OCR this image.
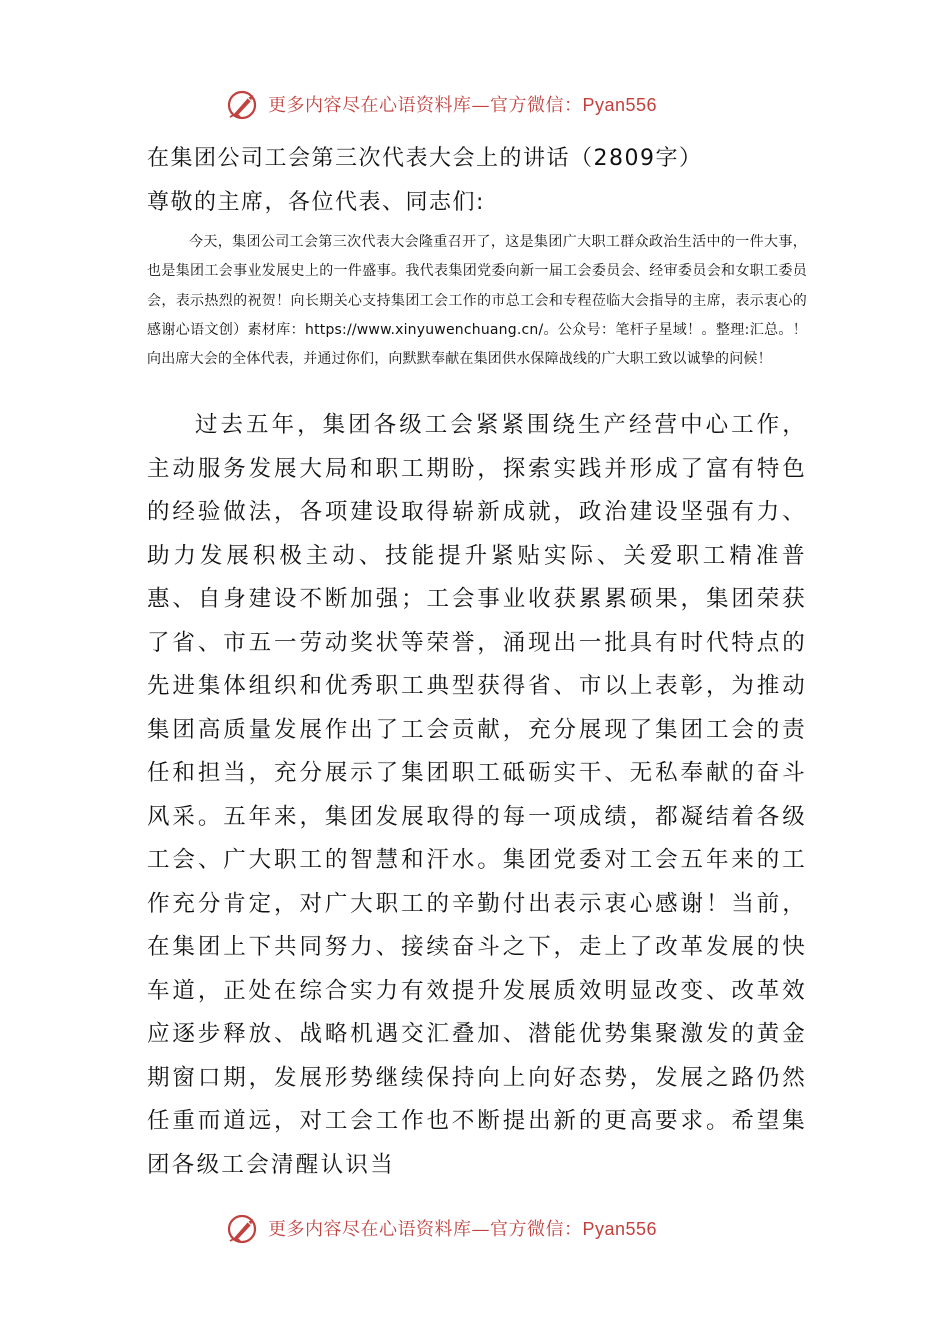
更多内容尽在心语资料库—官方微信：Pyan556
在集团公司工会第三次代表大会上的讲话（2809字）
尊敬的主席，各位代表、同志们:
今天，集团公司工会第三次代表大会隆重召开了，这是集团广大职工群众政治生活中的一件大事，也是集团工会事业发展史上的一件盛事。我代表集团党委向新一届工会委员会、经审委员会和女职工委员会，表示热烈的祝贺！向长期关心支持集团工会工作的市总工会和专程莅临大会指导的主席，表示衷心的感谢心语文创）素材库：https://www.xinyuwenchuang.cn/。公众号：笔杆子星域！。整理:汇总。！向出席大会的全体代表，并通过你们，向默默奉献在集团供水保障战线的广大职工致以诚挚的问候！
过去五年，集团各级工会紧紧围绕生产经营中心工作，主动服务发展大局和职工期盼，探索实践并形成了富有特色的经验做法，各项建设取得崭新成就，政治建设坚强有力、助力发展积极主动、技能提升紧贴实际、关爱职工精准普惠、自身建设不断加强；工会事业收获累累硕果，集团荣获了省、市五一劳动奖状等荣誉，涌现出一批具有时代特点的先进集体组织和优秀职工典型获得省、市以上表彰，为推动集团高质量发展作出了工会贡献，充分展现了集团工会的责任和担当，充分展示了集团职工砥砺实干、无私奉献的奋斗风采。五年来，集团发展取得的每一项成绩，都凝结着各级工会、广大职工的智慧和汗水。集团党委对工会五年来的工作充分肯定，对广大职工的辛勤付出表示衷心感谢！当前，在集团上下共同努力、接续奋斗之下，走上了改革发展的快车道，正处在综合实力有效提升发展质效明显改变、改革效应逐步释放、战略机遇交汇叠加、潜能优势集聚激发的黄金期窗口期，发展形势继续保持向上向好态势，发展之路仍然任重而道远，对工会工作也不断提出新的更高要求。希望集团各级工会清醒认识当
更多内容尽在心语资料库—官方微信：Pyan556
